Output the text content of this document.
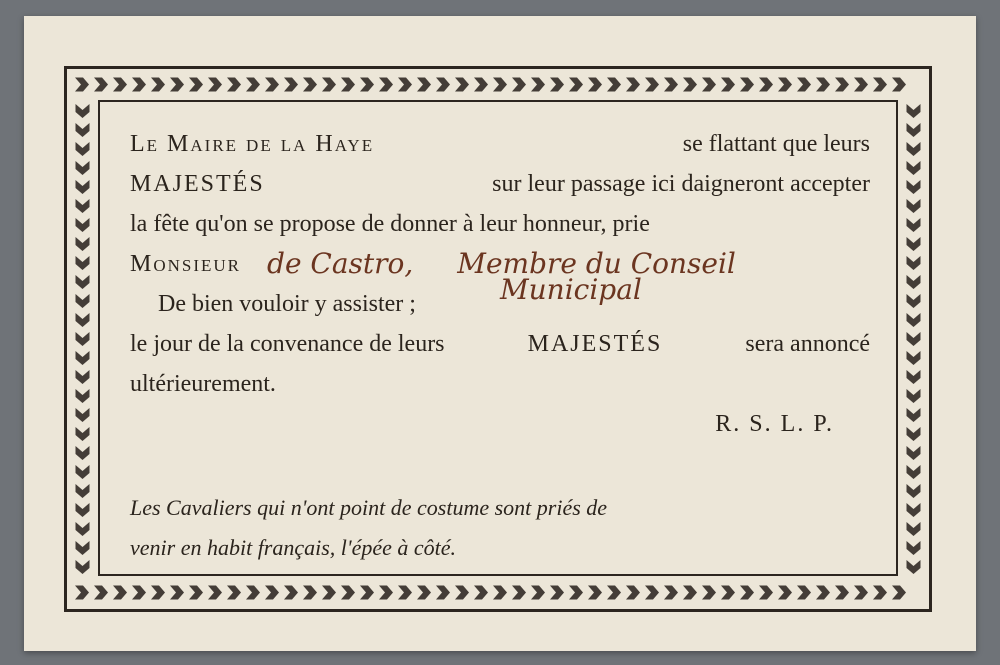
Le Maire de la Haye	se flattant que leurs
MAJESTÉS	sur leur passage ici daigneront accepter
la fête qu'on se propose de donner à leur honneur, prie
Monsieur de Castro, Membre du Conseil
De bien vouloir y assister ;	Municipal
le jour de la convenance de leurs	MAJESTÉS	sera annoncé
ultérieurement.
R. S. L. P.
Les Cavaliers qui n'ont point de costume sont priés de
venir en habit français, l'épée à côté.
